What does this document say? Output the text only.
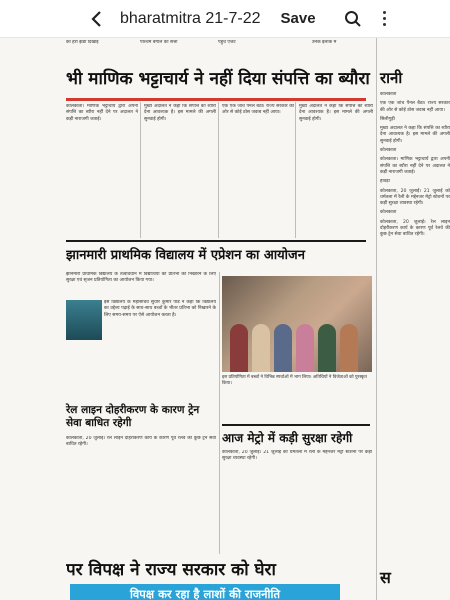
bharatmitra 21-7-22 Save
को हरी झंडी दिखाई	पश्चिम बंगाल की सत्ता	पहुंचे एजेंट	उनके इलाके में
भी माणिक भट्टाचार्य ने नहीं दिया संपत्ति का ब्यौरा रानी
कोलकाता। माणिक भट्टाचार्य द्वारा अपनी संपत्ति का ब्यौरा नहीं देने पर अदालत ने कड़ी नाराजगी जताई।
मुख्य अदालत ने कहा कि संपत्ति का ब्यौरा देना आवश्यक है। इस मामले की अगली सुनवाई होगी।
एक एक जांच पैनल बैठा। राज्य सरकार की ओर से कोई ठोस जवाब नहीं आया।
मुख्य अदालत ने कहा कि संपत्ति का ब्यौरा देना आवश्यक है। इस मामले की अगली सुनवाई होगी।
झानमारी प्राथमिक विद्यालय में एप्रेशन का आयोजन
झानमारी प्राथमिक विद्यालय के तत्वावधान में विद्यार्थियों की प्रतिभा को निखारने के लिए सुरक्षा एवं सृजन प्रतियोगिता का आयोजन किया गया।
इस विद्यालय के महासचिव सुधीर कुमार पांडे ने कहा कि विद्यालय का उद्देश्य पढ़ाई के साथ-साथ बच्चों के भीतर प्रतिभा को निखारने के लिए समय-समय पर ऐसे आयोजन करता है।
इस प्रतियोगिता में बच्चों ने विभिन्न स्पर्धाओं में भाग लिया। अतिथियों ने विजेताओं को पुरस्कृत किया।
रेल लाइन दोहरीकरण के कारण ट्रेन सेवा बाधित रहेगी
कोलकाता, 20 जुलाई। रेल लाइन दोहरीकरण कार्य के कारण पूर्व रेलवे की कुछ ट्रेन सेवा बाधित रहेगी।	आज मेट्रो में कड़ी सुरक्षा रहेगी
कोलकाता, 20 जुलाई। 21 जुलाई को धर्मतला में रैली के मद्देनजर मेट्रो स्टेशनों पर कड़ी सुरक्षा व्यवस्था रहेगी।
कोलकाता
एक एक जांच पैनल बैठा। राज्य सरकार की ओर से कोई ठोस जवाब नहीं आया।
सिलीगुड़ी
मुख्य अदालत ने कहा कि संपत्ति का ब्यौरा देना आवश्यक है। इस मामले की अगली सुनवाई होगी।
कोलकाता
कोलकाता। माणिक भट्टाचार्य द्वारा अपनी संपत्ति का ब्यौरा नहीं देने पर अदालत ने कड़ी नाराजगी जताई।
हावड़ा
कोलकाता, 20 जुलाई। 21 जुलाई को धर्मतला में रैली के मद्देनजर मेट्रो स्टेशनों पर कड़ी सुरक्षा व्यवस्था रहेगी।
कोलकाता
कोलकाता, 20 जुलाई। रेल लाइन दोहरीकरण कार्य के कारण पूर्व रेलवे की कुछ ट्रेन सेवा बाधित रहेगी।
स
पर विपक्ष ने राज्य सरकार को घेरा
विपक्ष कर रहा है लाशों की राजनीति
